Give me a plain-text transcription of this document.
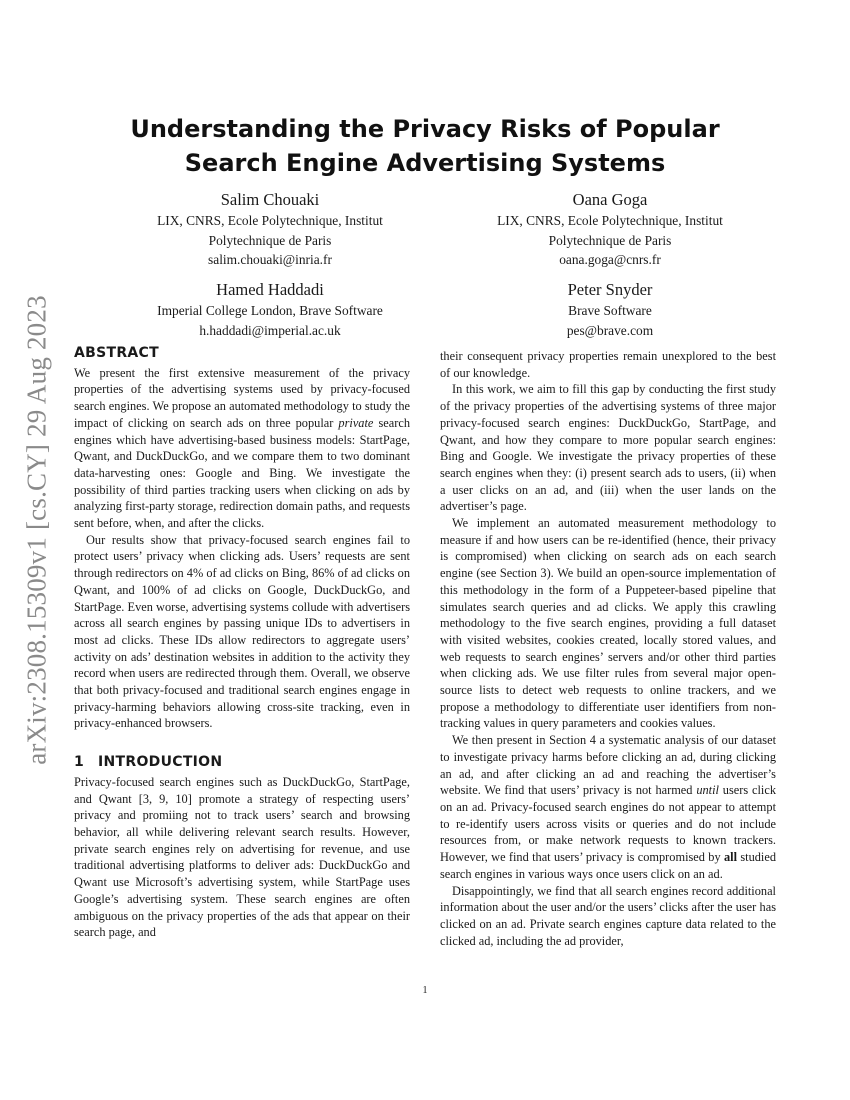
arXiv:2308.15309v1 [cs.CY] 29 Aug 2023
Understanding the Privacy Risks of Popular Search Engine Advertising Systems
Salim Chouaki
LIX, CNRS, Ecole Polytechnique, Institut
Polytechnique de Paris
salim.chouaki@inria.fr
Oana Goga
LIX, CNRS, Ecole Polytechnique, Institut
Polytechnique de Paris
oana.goga@cnrs.fr
Hamed Haddadi
Imperial College London, Brave Software
h.haddadi@imperial.ac.uk
Peter Snyder
Brave Software
pes@brave.com
ABSTRACT

We present the first extensive measurement of the privacy properties of the advertising systems used by privacy-focused search engines. We propose an automated methodology to study the impact of clicking on search ads on three popular private search engines which have advertising-based business models: StartPage, Qwant, and DuckDuckGo, and we compare them to two dominant data-harvesting ones: Google and Bing. We investigate the possibility of third parties tracking users when clicking on ads by analyzing first-party storage, redirection domain paths, and requests sent before, when, and after the clicks.

Our results show that privacy-focused search engines fail to protect users’ privacy when clicking ads. Users’ requests are sent through redirectors on 4% of ad clicks on Bing, 86% of ad clicks on Qwant, and 100% of ad clicks on Google, DuckDuckGo, and StartPage. Even worse, advertising systems collude with advertisers across all search engines by passing unique IDs to advertisers in most ad clicks. These IDs allow redirectors to aggregate users’ activity on ads’ destination websites in addition to the activity they record when users are redirected through them. Overall, we observe that both privacy-focused and traditional search engines engage in privacy-harming behaviors allowing cross-site tracking, even in privacy-enhanced browsers.

1 INTRODUCTION

Privacy-focused search engines such as DuckDuckGo, StartPage, and Qwant [3, 9, 10] promote a strategy of respecting users’ privacy and promiing not to track users’ search and browsing behavior, all while delivering relevant search results. However, private search engines rely on advertising for revenue, and use traditional advertising platforms to deliver ads: DuckDuckGo and Qwant use Microsoft’s advertising system, while StartPage uses Google’s advertising system. These search engines are often ambiguous on the privacy properties of the ads that appear on their search page, and

their consequent privacy properties remain unexplored to the best of our knowledge.

In this work, we aim to fill this gap by conducting the first study of the privacy properties of the advertising systems of three major privacy-focused search engines: DuckDuckGo, StartPage, and Qwant, and how they compare to more popular search engines: Bing and Google. We investigate the privacy properties of these search engines when they: (i) present search ads to users, (ii) when a user clicks on an ad, and (iii) when the user lands on the advertiser’s page.

We implement an automated measurement methodology to measure if and how users can be re-identified (hence, their privacy is compromised) when clicking on search ads on each search engine (see Section 3). We build an open-source implementation of this methodology in the form of a Puppeteer-based pipeline that simulates search queries and ad clicks. We apply this crawling methodology to the five search engines, providing a full dataset with visited websites, cookies created, locally stored values, and web requests to search engines’ servers and/or other third parties when clicking ads. We use filter rules from several major open-source lists to detect web requests to online trackers, and we propose a methodology to differentiate user identifiers from non-tracking values in query parameters and cookies values.

We then present in Section 4 a systematic analysis of our dataset to investigate privacy harms before clicking an ad, during clicking an ad, and after clicking an ad and reaching the advertiser’s website. We find that users’ privacy is not harmed until users click on an ad. Privacy-focused search engines do not appear to attempt to re-identify users across visits or queries and do not include resources from, or make network requests to known trackers. However, we find that users’ privacy is compromised by all studied search engines in various ways once users click on an ad.

Disappointingly, we find that all search engines record additional information about the user and/or the users’ clicks after the user has clicked on an ad. Private search engines capture data related to the clicked ad, including the ad provider,

1
